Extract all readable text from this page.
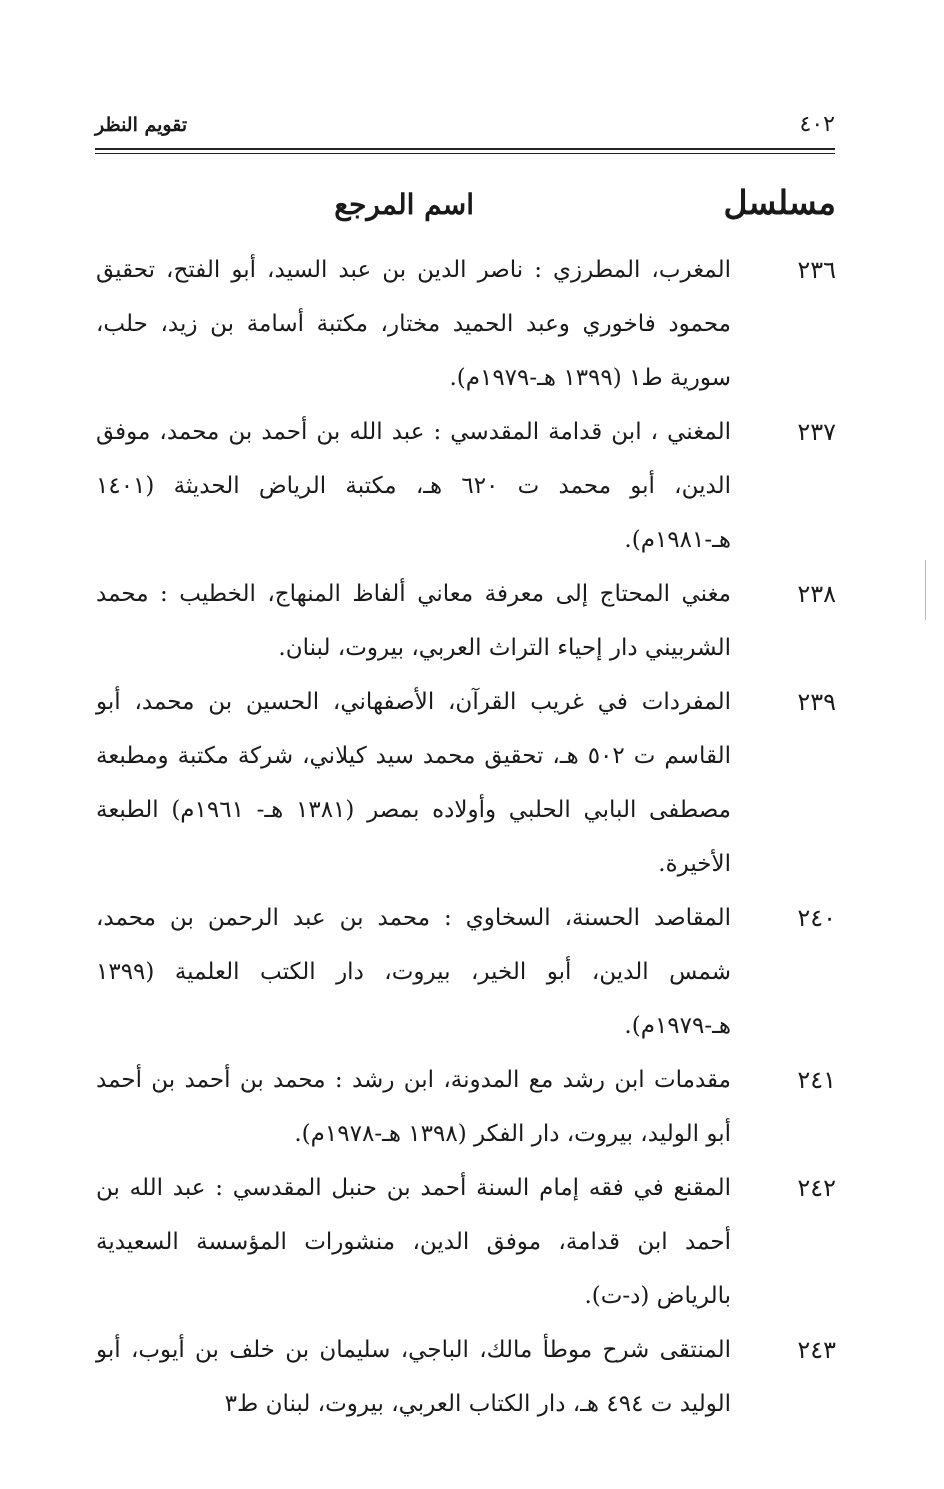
٤٠٢
تقويم النظر
مسلسل
اسم المرجع
٢٣٦
المغرب، المطرزي : ناصر الدين بن عبد السيد، أبو الفتح، تحقيق محمود فاخوري وعبد الحميد مختار، مكتبة أسامة بن زيد، حلب، سورية ط١ (١٣٩٩ هـ-١٩٧٩م).
٢٣٧
المغني ، ابن قدامة المقدسي : عبد الله بن أحمد بن محمد، موفق الدين، أبو محمد ت ٦٢٠ هـ، مكتبة الرياض الحديثة (١٤٠١ هـ-١٩٨١م).
٢٣٨
مغني المحتاج إلى معرفة معاني ألفاظ المنهاج، الخطيب : محمد الشربيني دار إحياء التراث العربي، بيروت، لبنان.
٢٣٩
المفردات في غريب القرآن، الأصفهاني، الحسين بن محمد، أبو القاسم ت ٥٠٢ هـ، تحقيق محمد سيد كيلاني، شركة مكتبة ومطبعة مصطفى البابي الحلبي وأولاده بمصر (١٣٨١ هـ- ١٩٦١م) الطبعة الأخيرة.
٢٤٠
المقاصد الحسنة، السخاوي : محمد بن عبد الرحمن بن محمد، شمس الدين، أبو الخير، بيروت، دار الكتب العلمية (١٣٩٩ هـ-١٩٧٩م).
٢٤١
مقدمات ابن رشد مع المدونة، ابن رشد : محمد بن أحمد بن أحمد أبو الوليد، بيروت، دار الفكر (١٣٩٨ هـ-١٩٧٨م).
٢٤٢
المقنع في فقه إمام السنة أحمد بن حنبل المقدسي : عبد الله بن أحمد ابن قدامة، موفق الدين، منشورات المؤسسة السعيدية بالرياض (د-ت).
٢٤٣
المنتقى شرح موطأ مالك، الباجي، سليمان بن خلف بن أيوب، أبو الوليد ت ٤٩٤ هـ، دار الكتاب العربي، بيروت، لبنان ط٣
